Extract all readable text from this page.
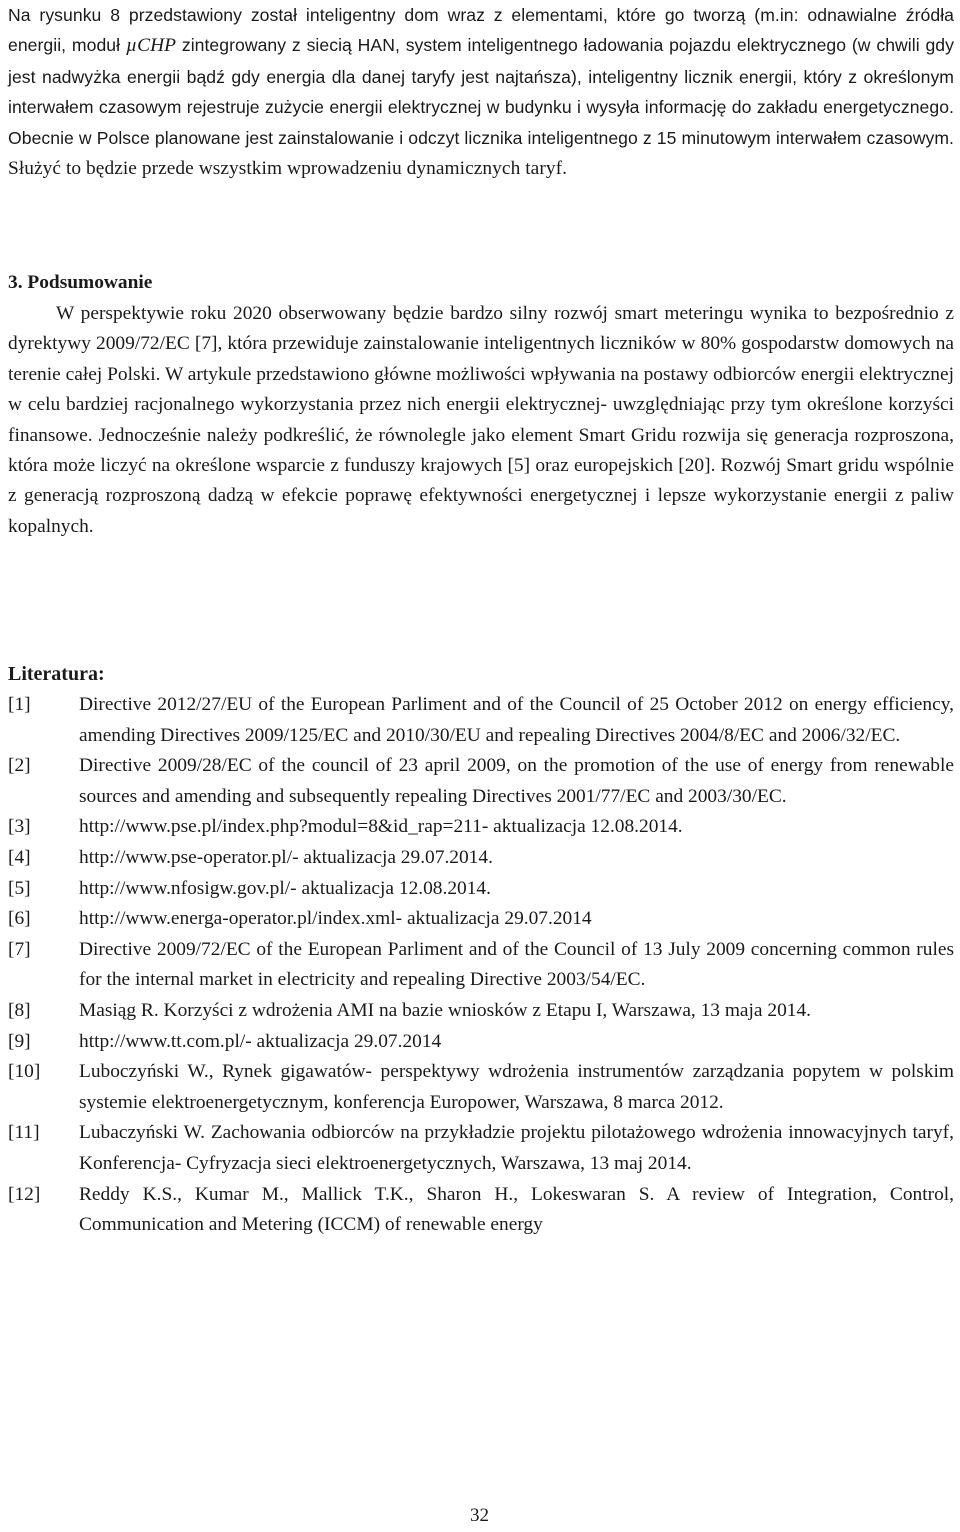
Na rysunku 8 przedstawiony został inteligentny dom wraz z elementami, które go tworzą (m.in: odnawialne źródła energii, moduł µCHP zintegrowany z siecią HAN, system inteligentnego ładowania pojazdu elektrycznego (w chwili gdy jest nadwyżka energii bądź gdy energia dla danej taryfy jest najtańsza), inteligentny licznik energii, który z określonym interwałem czasowym rejestruje zużycie energii elektrycznej w budynku i wysyła informację do zakładu energetycznego. Obecnie w Polsce planowane jest zainstalowanie i odczyt licznika inteligentnego z 15 minutowym interwałem czasowym. Służyć to będzie przede wszystkim wprowadzeniu dynamicznych taryf.

3. Podsumowanie

W perspektywie roku 2020 obserwowany będzie bardzo silny rozwój smart meteringu wynika to bezpośrednio z dyrektywy 2009/72/EC [7], która przewiduje zainstalowanie inteligentnych liczników w 80% gospodarstw domowych na terenie całej Polski. W artykule przedstawiono główne możliwości wpływania na postawy odbiorców energii elektrycznej w celu bardziej racjonalnego wykorzystania przez nich energii elektrycznej- uwzględniając przy tym określone korzyści finansowe. Jednocześnie należy podkreślić, że równolegle jako element Smart Gridu rozwija się generacja rozproszona, która może liczyć na określone wsparcie z funduszy krajowych [5] oraz europejskich [20]. Rozwój Smart gridu wspólnie z generacją rozproszoną dadzą w efekcie poprawę efektywności energetycznej i lepsze wykorzystanie energii z paliw kopalnych.

Literatura:

[1] Directive 2012/27/EU of the European Parliment and of the Council of 25 October 2012 on energy efficiency, amending Directives 2009/125/EC and 2010/30/EU and repealing Directives 2004/8/EC and 2006/32/EC.
[2] Directive 2009/28/EC of the council of 23 april 2009, on the promotion of the use of energy from renewable sources and amending and subsequently repealing Directives 2001/77/EC and 2003/30/EC.
[3] http://www.pse.pl/index.php?modul=8&id_rap=211- aktualizacja 12.08.2014.
[4] http://www.pse-operator.pl/- aktualizacja 29.07.2014.
[5] http://www.nfosigw.gov.pl/- aktualizacja 12.08.2014.
[6] http://www.energa-operator.pl/index.xml- aktualizacja 29.07.2014
[7] Directive 2009/72/EC of the European Parliment and of the Council of 13 July 2009 concerning common rules for the internal market in electricity and repealing Directive 2003/54/EC.
[8] Masiąg R. Korzyści z wdrożenia AMI na bazie wniosków z Etapu I, Warszawa, 13 maja 2014.
[9] http://www.tt.com.pl/- aktualizacja 29.07.2014
[10] Luboczyński W., Rynek gigawatów- perspektywy wdrożenia instrumentów zarządzania popytem w polskim systemie elektroenergetycznym, konferencja Europower, Warszawa, 8 marca 2012.
[11] Lubaczyński W. Zachowania odbiorców na przykładzie projektu pilotażowego wdrożenia innowacyjnych taryf, Konferencja- Cyfryzacja sieci elektroenergetycznych, Warszawa, 13 maj 2014.
[12] Reddy K.S., Kumar M., Mallick T.K., Sharon H., Lokeswaran S. A review of Integration, Control, Communication and Metering (ICCM) of renewable energy
32
